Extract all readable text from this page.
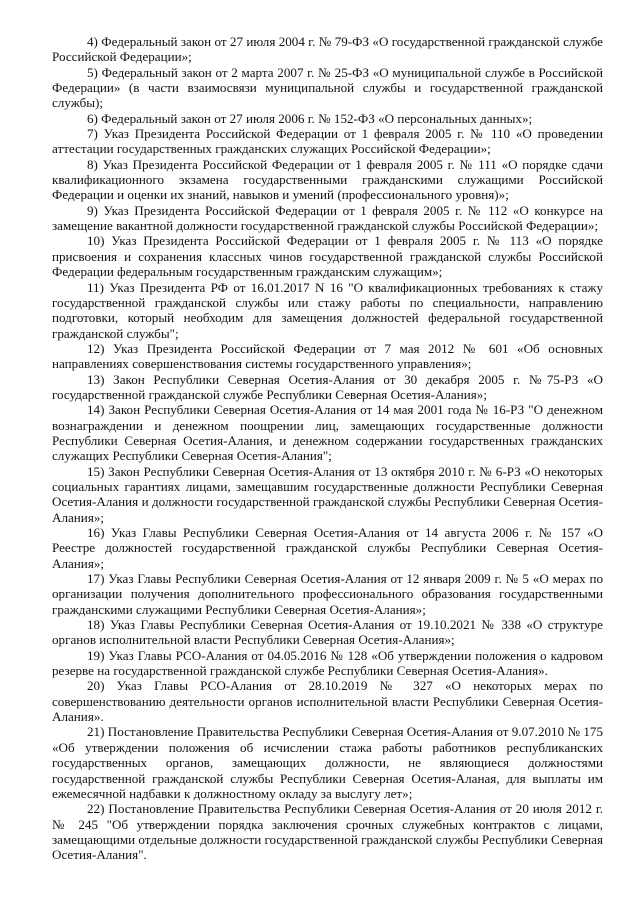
4) Федеральный закон от 27 июля 2004 г. № 79-ФЗ «О государственной гражданской службе Российской Федерации»;

5) Федеральный закон от 2 марта 2007 г. № 25-ФЗ «О муниципальной службе в Российской Федерации» (в части взаимосвязи муниципальной службы и государственной гражданской службы);

6) Федеральный закон от 27 июля 2006 г. № 152-ФЗ «О персональных данных»;

7) Указ Президента Российской Федерации от 1 февраля 2005 г. № 110 «О проведении аттестации государственных гражданских служащих Российской Федерации»;

8) Указ Президента Российской Федерации от 1 февраля 2005 г. № 111 «О порядке сдачи квалификационного экзамена государственными гражданскими служащими Российской Федерации и оценки их знаний, навыков и умений (профессионального уровня)»;

9) Указ Президента Российской Федерации от 1 февраля 2005 г. № 112 «О конкурсе на замещение вакантной должности государственной гражданской службы Российской Федерации»;

10) Указ Президента Российской Федерации от 1 февраля 2005 г. № 113 «О порядке присвоения и сохранения классных чинов государственной гражданской службы Российской Федерации федеральным государственным гражданским служащим»;

11) Указ Президента РФ от 16.01.2017 N 16 "О квалификационных требованиях к стажу государственной гражданской службы или стажу работы по специальности, направлению подготовки, который необходим для замещения должностей федеральной государственной гражданской службы";

12) Указ Президента Российской Федерации от 7 мая 2012 № 601 «Об основных направлениях совершенствования системы государственного управления»;

13) Закон Республики Северная Осетия-Алания от 30 декабря 2005 г. №75-РЗ «О государственной гражданской службе Республики Северная Осетия-Алания»;

14) Закон Республики Северная Осетия-Алания от 14 мая 2001 года № 16-РЗ "О денежном вознаграждении и денежном поощрении лиц, замещающих государственные должности Республики Северная Осетия-Алания, и денежном содержании государственных гражданских служащих Республики Северная Осетия-Алания";

15) Закон Республики Северная Осетия-Алания от 13 октября 2010 г. № 6-РЗ «О некоторых социальных гарантиях лицами, замещавшим государственные должности Республики Северная Осетия-Алания и должности государственной гражданской службы Республики Северная Осетия-Алания»;

16) Указ Главы Республики Северная Осетия-Алания от 14 августа 2006 г. № 157 «О Реестре должностей государственной гражданской службы Республики Северная Осетия-Алания»;

17) Указ Главы Республики Северная Осетия-Алания от 12 января 2009 г. № 5 «О мерах по организации получения дополнительного профессионального образования государственными гражданскими служащими Республики Северная Осетия-Алания»;

18) Указ Главы Республики Северная Осетия-Алания от 19.10.2021 № 338 «О структуре органов исполнительной власти Республики Северная Осетия-Алания»;

19) Указ Главы РСО-Алания от 04.05.2016 № 128 «Об утверждении положения о кадровом резерве на государственной гражданской службе Республики Северная Осетия-Алания».

20) Указ Главы РСО-Алания от 28.10.2019 № 327 «О некоторых мерах по совершенствованию деятельности органов исполнительной власти Республики Северная Осетия-Алания».

21) Постановление Правительства Республики Северная Осетия-Алания от 9.07.2010 № 175 «Об утверждении положения об исчислении стажа работы работников республиканских государственных органов, замещающих должности, не являющиеся должностями государственной гражданской службы Республики Северная Осетия-Аланая, для выплаты им ежемесячной надбавки к должностному окладу за выслугу лет»;

22) Постановление Правительства Республики Северная Осетия-Алания от 20 июля 2012 г. № 245 "Об утверждении порядка заключения срочных служебных контрактов с лицами, замещающими отдельные должности государственной гражданской службы Республики Северная Осетия-Алания".
